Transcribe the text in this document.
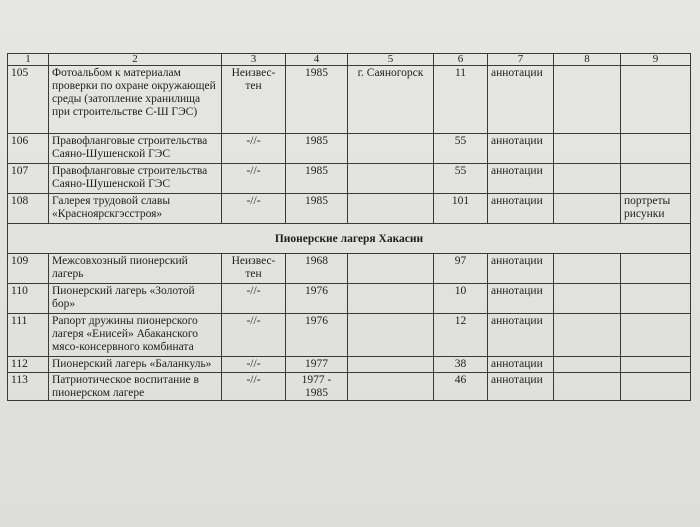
1	2	3	4	5	6	7	8	9
105	Фотоальбом к материалам проверки по охране окружающей среды (затопление хранилища при строительстве С-Ш ГЭС)	Неизвес-тен	1985	г. Саяногорск	11	аннотации		
106	Правофланговые строительства Саяно-Шушенской ГЭС	-//-	1985		55	аннотации		
107	Правофланговые строительства Саяно-Шушенской ГЭС	-//-	1985		55	аннотации		
108	Галерея трудовой славы «Красноярскгэсстроя»	-//-	1985		101	аннотации		портреты рисунки
Пионерские лагеря Хакасии								
109	Межсовхозный пионерский лагерь	Неизвес-тен	1968		97	аннотации		
110	Пионерский лагерь «Золотой бор»	-//-	1976		10	аннотации		
111	Рапорт дружины пионерского лагеря «Енисей» Абаканского мясо-консервного комбината	-//-	1976		12	аннотации		
112	Пионерский лагерь «Баланкуль»	-//-	1977		38	аннотации		
113	Патриотическое воспитание в пионерском лагере	-//-	1977 - 1985		46	аннотации		
